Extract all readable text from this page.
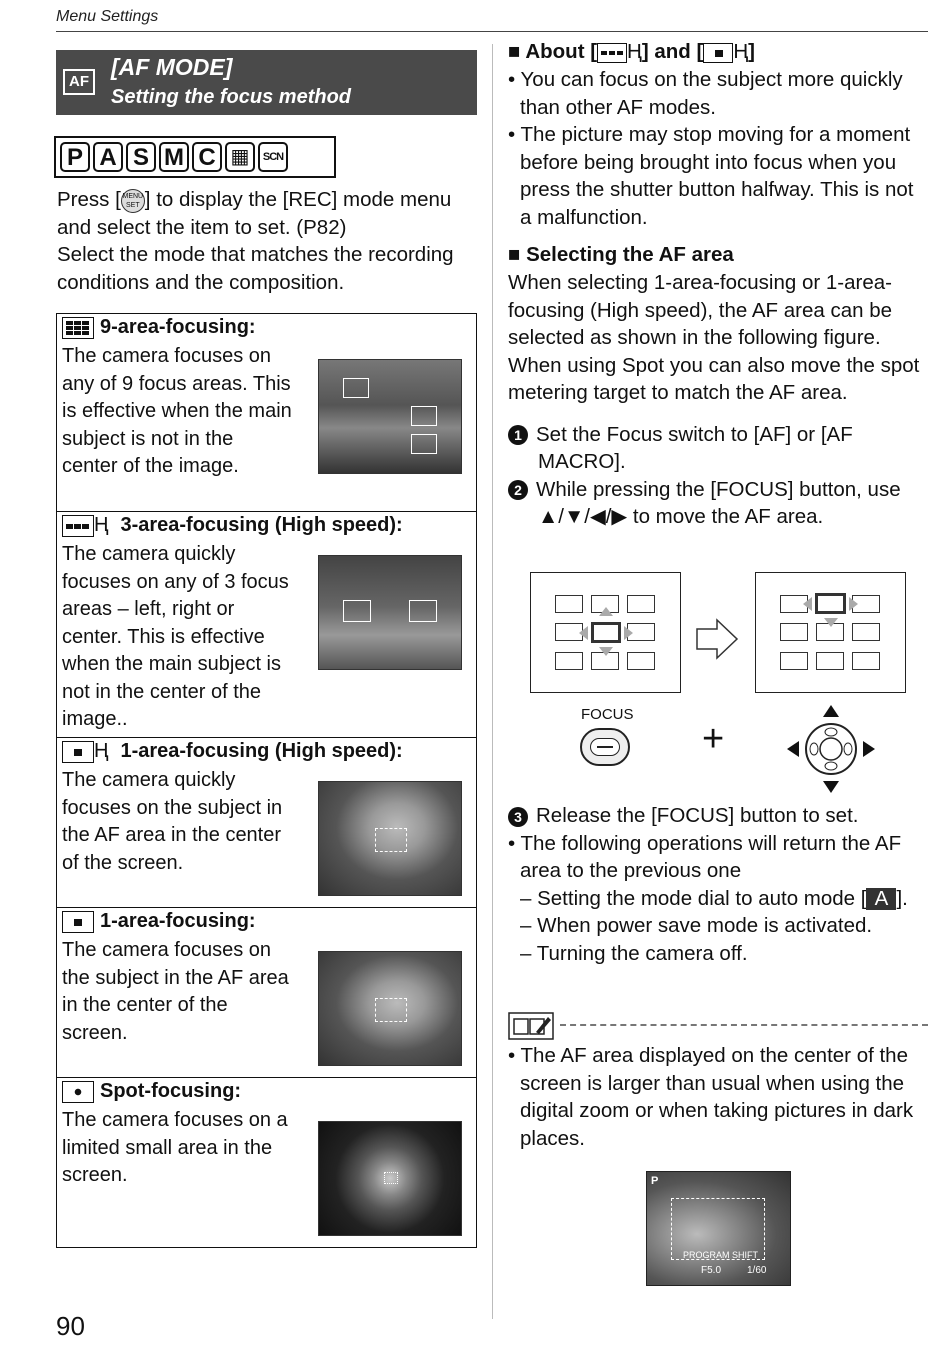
Menu Settings
AF
[AF MODE]
Setting the focus method
P A S M C ▦	SCN
Press [ MENU
SET ] to display the [REC] mode menu and select the item to set. (P82)
Select the mode that matches the recording conditions and the composition.
9-area-focusing:
The camera focuses on any of 9 focus areas. This is effective when the main subject is not in the center of the image.
Ⱨ 3-area-focusing (High speed):
The camera quickly focuses on any of 3 focus areas – left, right or center. This is effective when the main subject is not in the center of the image..
Ⱨ 1-area-focusing (High speed):
The camera quickly focuses on the subject in the AF area in the center of the screen.
1-area-focusing:
The camera focuses on the subject in the AF area in the center of the screen.
Spot-focusing:
The camera focuses on a limited small area in the screen.
■ About [ Ⱨ] and [ Ⱨ]
• You can focus on the subject more quickly than other AF modes.
• The picture may stop moving for a moment before being brought into focus when you press the shutter button halfway. This is not a malfunction.
■ Selecting the AF area
When selecting 1-area-focusing or 1-area-focusing (High speed), the AF area can be selected as shown in the following figure. When using Spot you can also move the spot metering target to match the AF area.
1 Set the Focus switch to [AF] or [AF MACRO].
2 While pressing the [FOCUS] button, use ▲/▼/◀/▶ to move the AF area.
FOCUS
+
3 Release the [FOCUS] button to set.
• The following operations will return the AF area to the previous one
– Setting the mode dial to auto mode [ A ].
– When power save mode is activated.
– Turning the camera off.
• The AF area displayed on the center of the screen is larger than usual when using the digital zoom or when taking pictures in dark places.
P
PROGRAM SHIFT
F5.0	1/60
90
